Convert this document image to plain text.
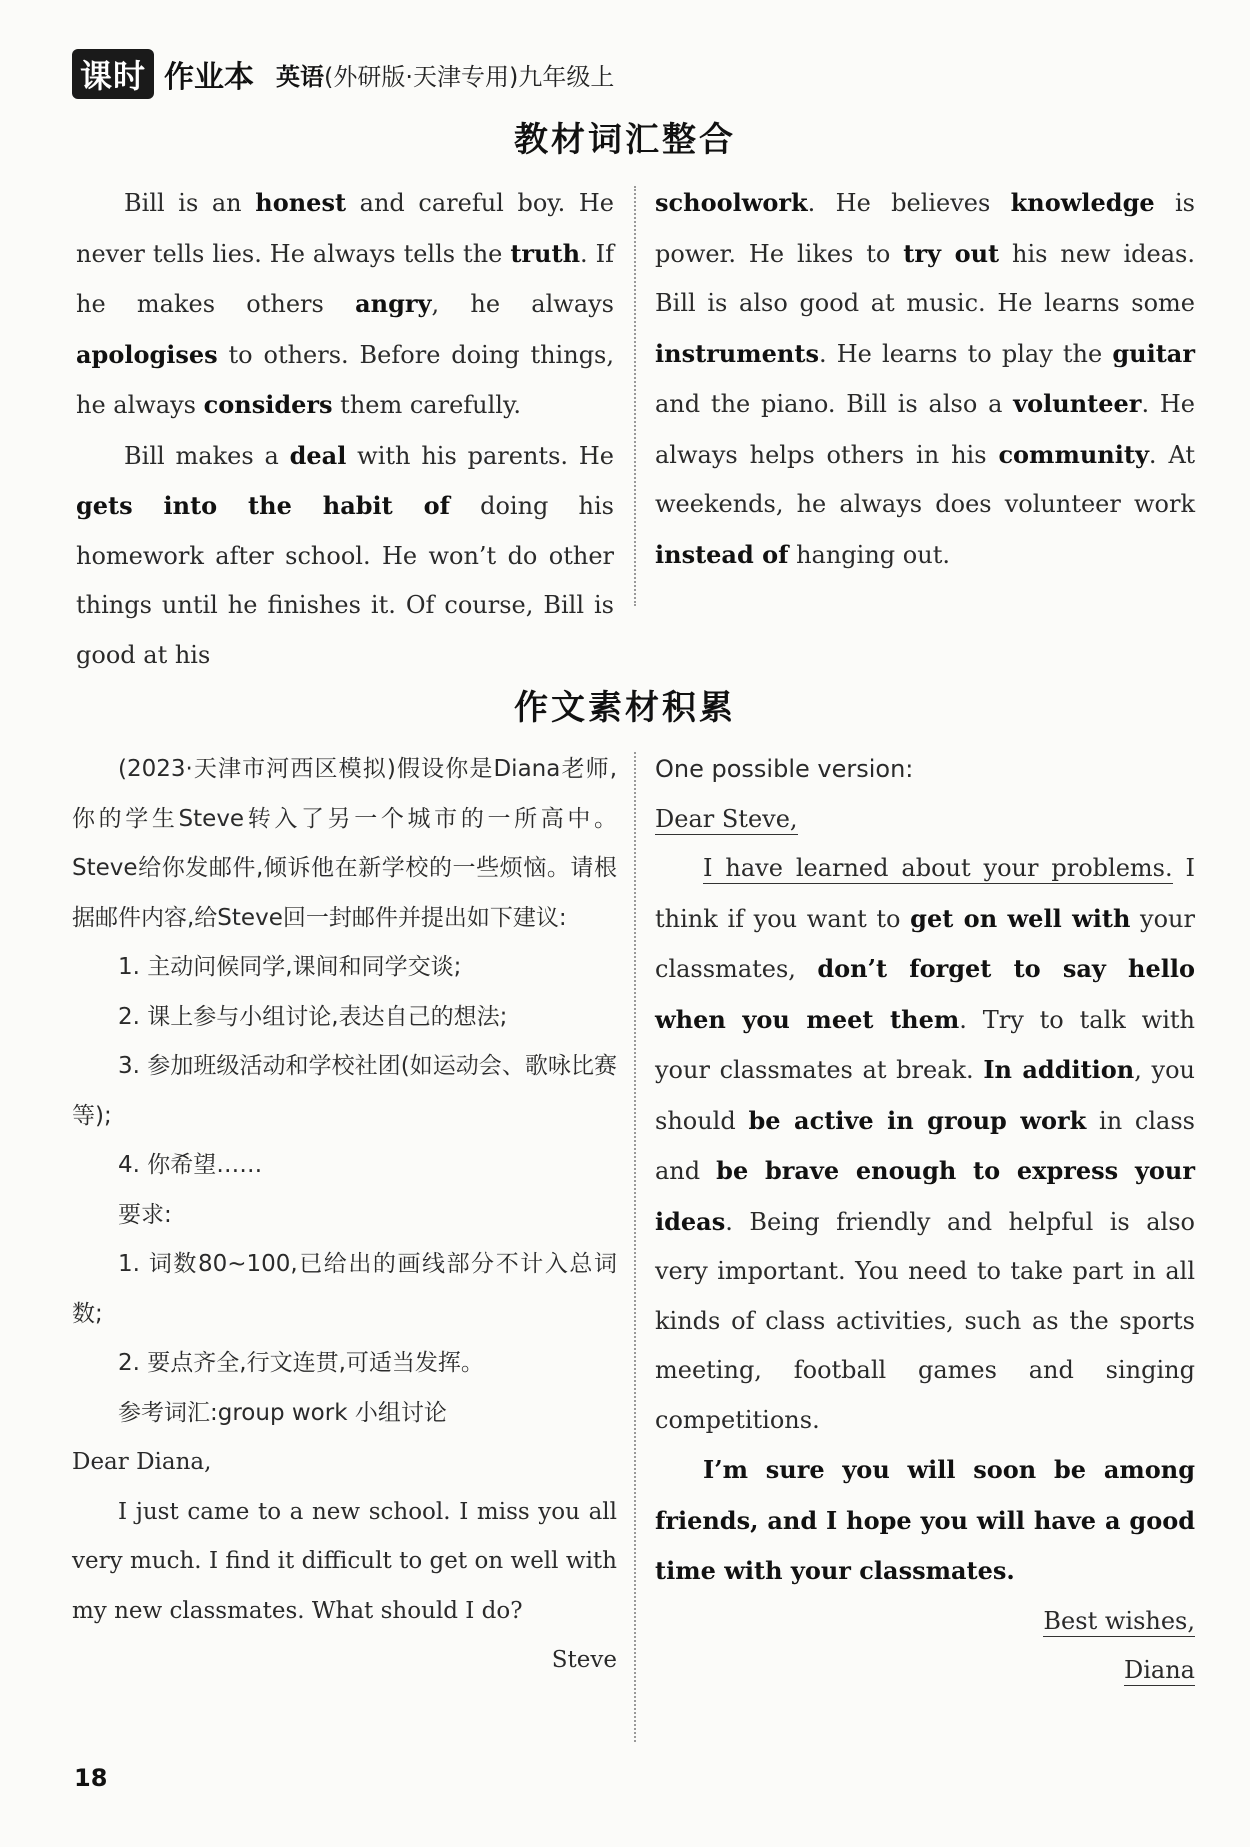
课时 作业本 英语(外研版·天津专用)九年级上
教材词汇整合

Bill is an honest and careful boy. He never tells lies. He always tells the truth. If he makes others angry, he always apologises to others. Before doing things, he always considers them carefully.

Bill makes a deal with his parents. He gets into the habit of doing his homework after school. He won’t do other things until he finishes it. Of course, Bill is good at his

schoolwork. He believes knowledge is power. He likes to try out his new ideas. Bill is also good at music. He learns some instruments. He learns to play the guitar and the piano. Bill is also a volunteer. He always helps others in his community. At weekends, he always does volunteer work instead of hanging out.

作文素材积累

(2023·天津市河西区模拟)假设你是Diana老师,你的学生Steve转入了另一个城市的一所高中。Steve给你发邮件,倾诉他在新学校的一些烦恼。请根据邮件内容,给Steve回一封邮件并提出如下建议:

1. 主动问候同学,课间和同学交谈;

2. 课上参与小组讨论,表达自己的想法;

3. 参加班级活动和学校社团(如运动会、歌咏比赛等);

4. 你希望……

要求:

1. 词数80~100,已给出的画线部分不计入总词数;

2. 要点齐全,行文连贯,可适当发挥。

参考词汇:group work 小组讨论

Dear Diana,

I just came to a new school. I miss you all very much. I find it difficult to get on well with my new classmates. What should I do?

Steve

One possible version:

Dear Steve,

I have learned about your problems. I think if you want to get on well with your classmates, don’t forget to say hello when you meet them. Try to talk with your classmates at break. In addition, you should be active in group work in class and be brave enough to express your ideas. Being friendly and helpful is also very important. You need to take part in all kinds of class activities, such as the sports meeting, football games and singing competitions.

I’m sure you will soon be among friends, and I hope you will have a good time with your classmates.

Best wishes,

Diana

18
